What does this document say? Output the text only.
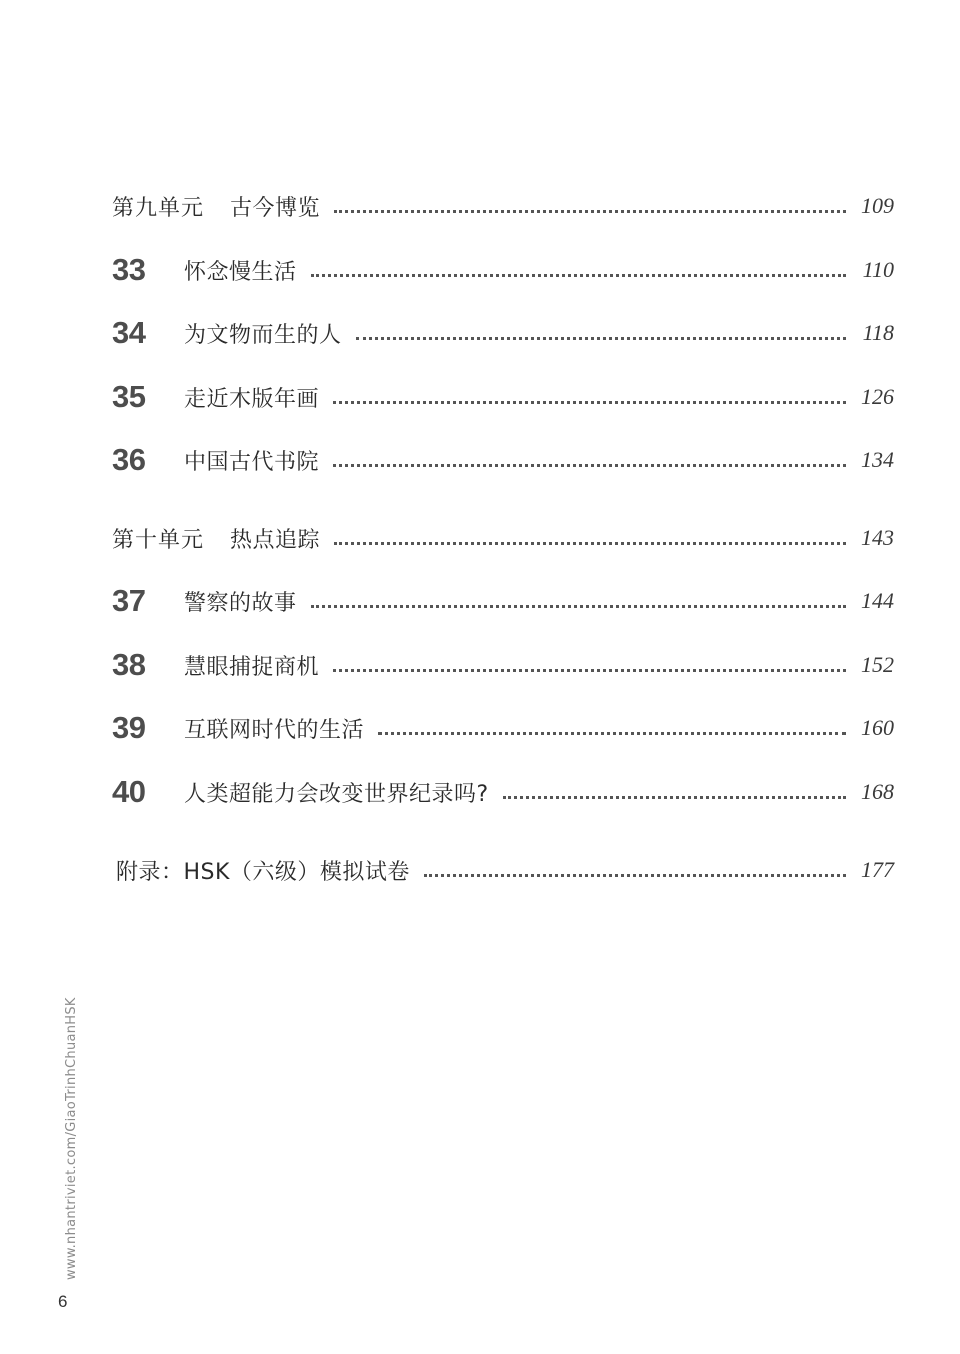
第九单元 古今博览	109
33	怀念慢生活	110
34	为文物而生的人	118
35	走近木版年画	126
36	中国古代书院	134
第十单元 热点追踪	143
37	警察的故事	144
38	慧眼捕捉商机	152
39	互联网时代的生活	160
40	人类超能力会改变世界纪录吗?	168
附录：HSK（六级）模拟试卷	177
www.nhantriviet.com/GiaoTrinhChuanHSK
6
